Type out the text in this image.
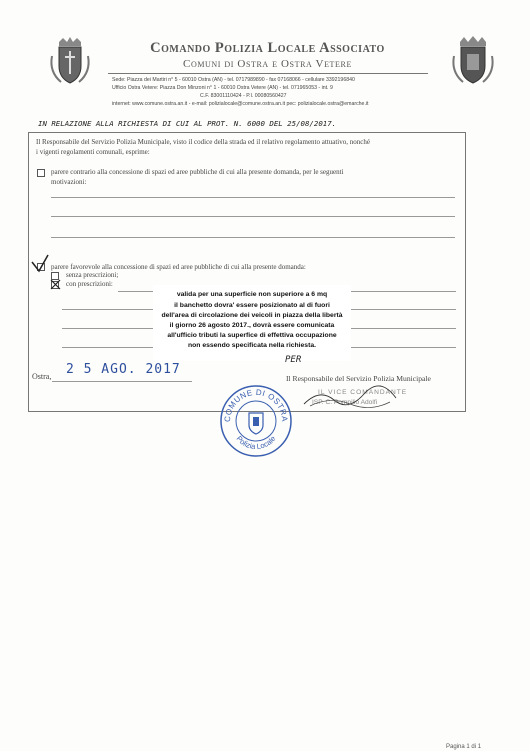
Comando Polizia Locale Associato
Comuni di Ostra e Ostra Vetere
Sede: Piazza dei Martiri n° 5 - 60010 Ostra (AN) - tel. 0717989890 - fax 07168066 - cellulare 3392196840
Ufficio Ostra Vetere: Piazza Don Minzoni n° 1 - 60010 Ostra Vetere (AN) - tel. 071965053 - int. 9
C.F. 83001110424 - P.I. 00080560427
internet: www.comune.ostra.an.it - e-mail: polizialocale@comune.ostra.an.it pec: polizialocale.ostra@emarche.it
IN RELAZIONE ALLA RICHIESTA DI CUI AL PROT. N. 6000 DEL 25/08/2017.
Il Responsabile del Servizio Polizia Municipale, visto il codice della strada ed il relativo regolamento attuativo, nonché
i vigenti regolamenti comunali, esprime:
parere contrario alla concessione di spazi ed aree pubbliche di cui alla presente domanda, per le seguenti
motivazioni:
parere favorevole alla concessione di spazi ed aree pubbliche di cui alla presente domanda:
senza prescrizioni;
con prescrizioni:
valida per una superficie non superiore a 6 mq
il banchetto dovra' essere posizionato al di fuori
dell'area di circolazione dei veicoli in piazza della libertà
il giorno 26 agosto 2017., dovrà essere comunicata
all'ufficio tributi la superfice di effettiva occupazione
non essendo specificata nella richiesta.
Ostra, 2 5 AGO. 2017
PER
Il Responsabile del Servizio Polizia Municipale
IL VICE COMANDANTE
ISP. C. Pompilio Adolfi
COMUNE DI OSTRA
Polizia Locale
Pagina 1 di 1
